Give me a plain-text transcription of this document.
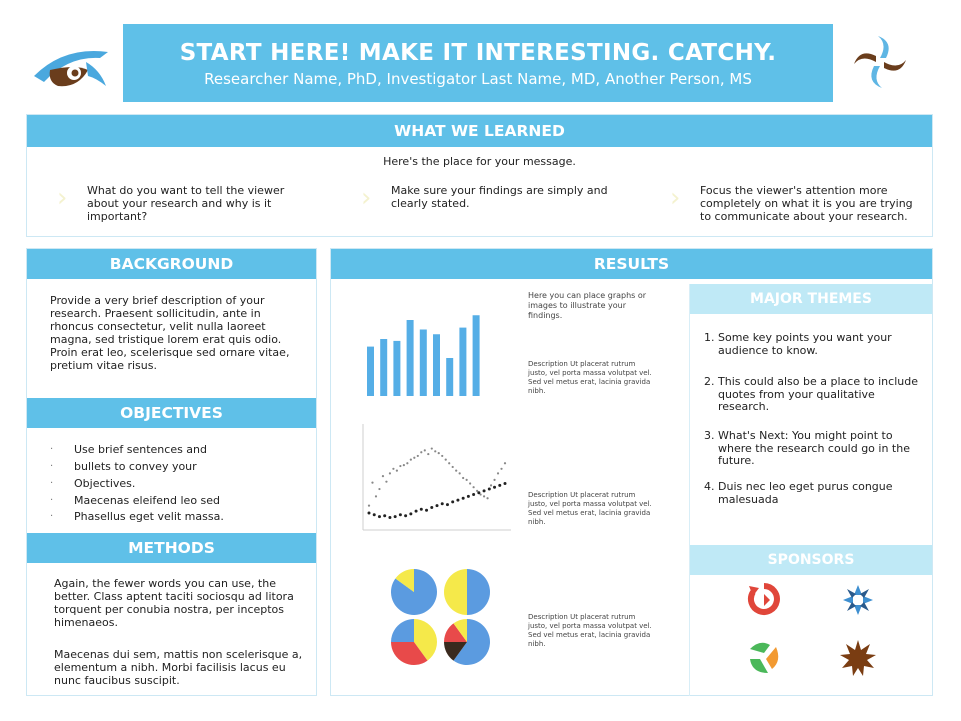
START HERE! MAKE IT INTERESTING. CATCHY.
Researcher Name, PhD, Investigator Last Name, MD, Another Person, MS
WHAT WE LEARNED
Here's the place for your message.
› What do you want to tell the viewer about your research and why is it important?
› Make sure your findings are simply and clearly stated.	› Focus the viewer's attention more completely on what it is you are trying to communicate about your research.
BACKGROUND
Provide a very brief description of your research. Praesent sollicitudin, ante in rhoncus consectetur, velit nulla laoreet magna, sed tristique lorem erat quis odio. Proin erat leo, scelerisque sed ornare vitae, pretium vitae risus.
OBJECTIVES
·	Use brief sentences and
·	bullets to convey your
·	Objectives.
·	Maecenas eleifend leo sed
·	Phasellus eget velit massa.
METHODS
Again, the fewer words you can use, the better. Class aptent taciti sociosqu ad litora torquent per conubia nostra, per inceptos himenaeos.
Maecenas dui sem, mattis non scelerisque a, elementum a nibh. Morbi facilisis lacus eu nunc faucibus suscipit.
RESULTS
Here you can place graphs or images to illustrate your findings.
Description Ut placerat rutrum justo, vel porta massa volutpat vel. Sed vel metus erat, lacinia gravida nibh.
Description Ut placerat rutrum justo, vel porta massa volutpat vel. Sed vel metus erat, lacinia gravida nibh.
Description Ut placerat rutrum justo, vel porta massa volutpat vel. Sed vel metus erat, lacinia gravida nibh.
MAJOR THEMES
1. Some key points you want your audience to know.
2. This could also be a place to include quotes from your qualitative research.
3. What's Next: You might point to where the research could go in the future.
4. Duis nec leo eget purus congue malesuada
SPONSORS
